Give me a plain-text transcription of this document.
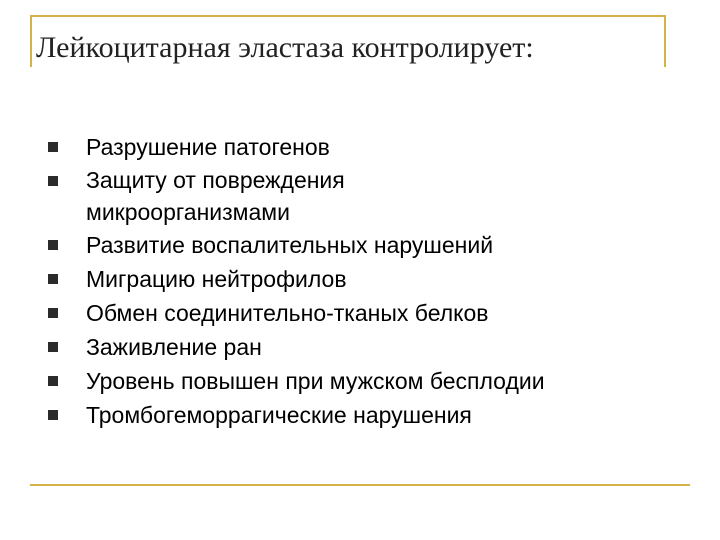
Лейкоцитарная эластаза контролирует:
Разрушение патогенов
Защиту от повреждения микроорганизмами
Развитие воспалительных нарушений
Миграцию нейтрофилов
Обмен соединительно-тканых белков
Заживление ран
Уровень повышен при мужском бесплодии
Тромбогеморрагические нарушения
